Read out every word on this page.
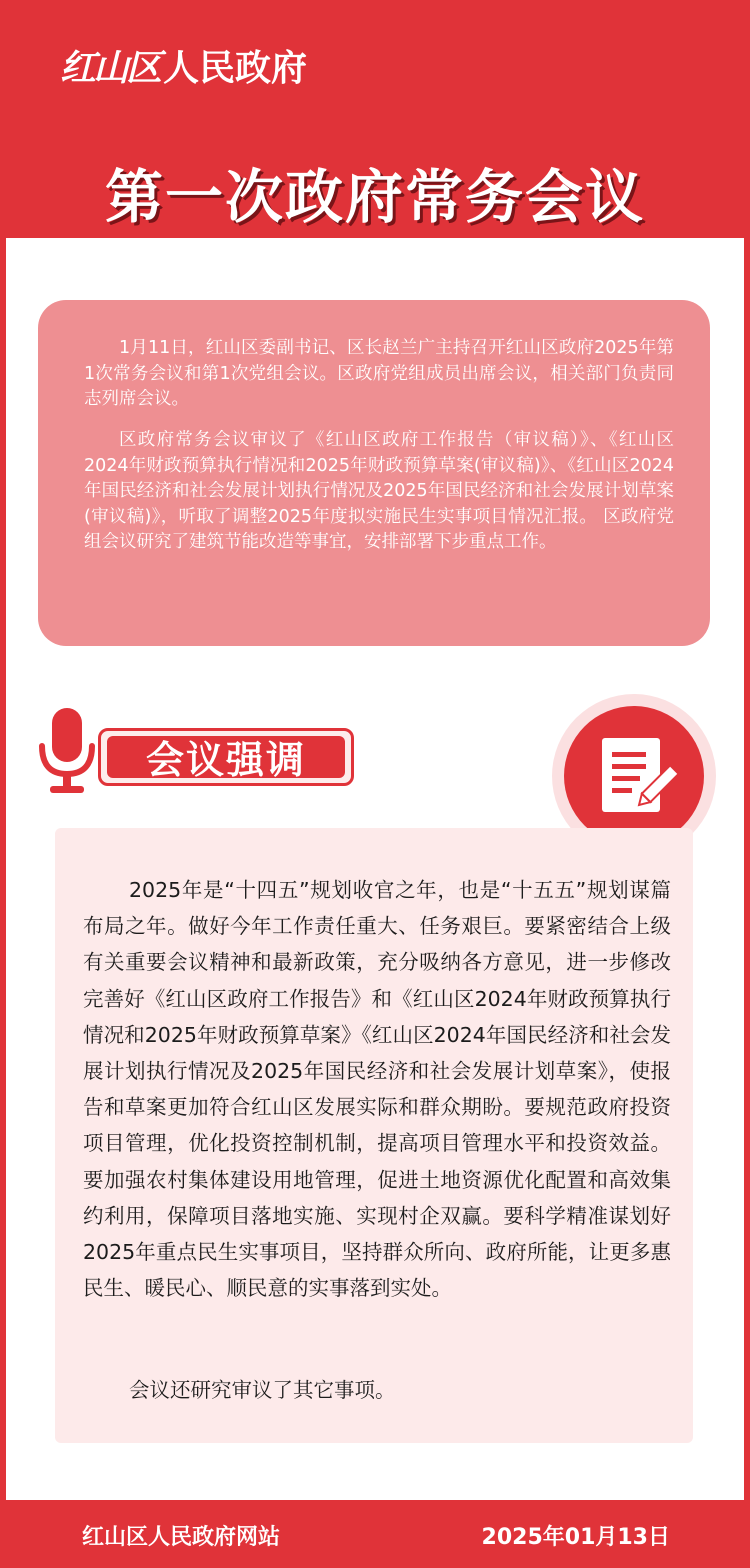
红山区 人民政府
第一次政府常务会议

1月11日，红山区委副书记、区长赵兰广主持召开红山区政府2025年第1次常务会议和第1次党组会议。区政府党组成员出席会议，相关部门负责同志列席会议。

区政府常务会议审议了《红山区政府工作报告（审议稿）》、《红山区2024年财政预算执行情况和2025年财政预算草案(审议稿)》、《红山区2024年国民经济和社会发展计划执行情况及2025年国民经济和社会发展计划草案(审议稿)》，听取了调整2025年度拟实施民生实事项目情况汇报。 区政府党组会议研究了建筑节能改造等事宜，安排部署下步重点工作。

会议强调

2025年是“十四五”规划收官之年，也是“十五五”规划谋篇布局之年。做好今年工作责任重大、任务艰巨。要紧密结合上级有关重要会议精神和最新政策，充分吸纳各方意见，进一步修改完善好《红山区政府工作报告》和《红山区2024年财政预算执行情况和2025年财政预算草案》《红山区2024年国民经济和社会发展计划执行情况及2025年国民经济和社会发展计划草案》，使报告和草案更加符合红山区发展实际和群众期盼。要规范政府投资项目管理，优化投资控制机制，提高项目管理水平和投资效益。要加强农村集体建设用地管理，促进土地资源优化配置和高效集约利用，保障项目落地实施、实现村企双赢。要科学精准谋划好2025年重点民生实事项目，坚持群众所向、政府所能，让更多惠民生、暖民心、顺民意的实事落到实处。

会议还研究审议了其它事项。

红山区人民政府网站	2025年01月13日
